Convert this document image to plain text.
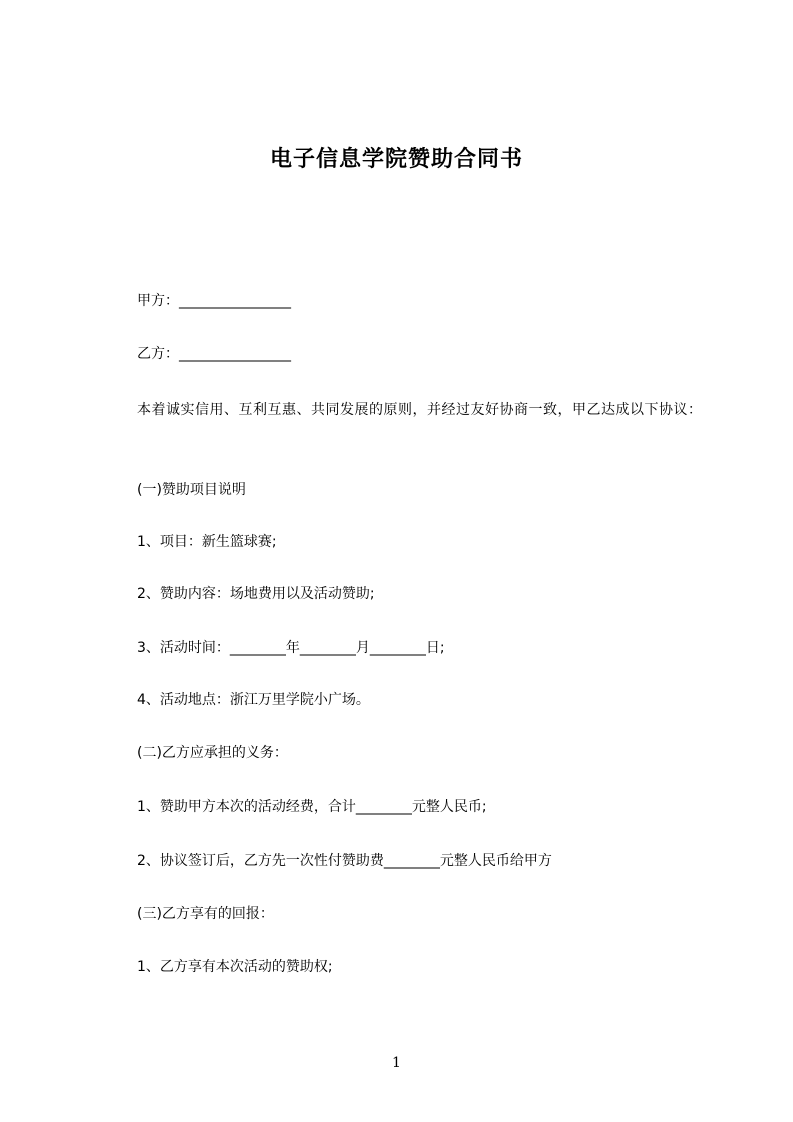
电子信息学院赞助合同书
甲方：________________
乙方：________________
本着诚实信用、互利互惠、共同发展的原则，并经过友好协商一致，甲乙达成以下协议：
(一)赞助项目说明
1、项目：新生篮球赛;
2、赞助内容：场地费用以及活动赞助;
3、活动时间：________年________月________日;
4、活动地点：浙江万里学院小广场。
(二)乙方应承担的义务：
1、赞助甲方本次的活动经费，合计________元整人民币;
2、协议签订后，乙方先一次性付赞助费________元整人民币给甲方
(三)乙方享有的回报：
1、乙方享有本次活动的赞助权;
1
